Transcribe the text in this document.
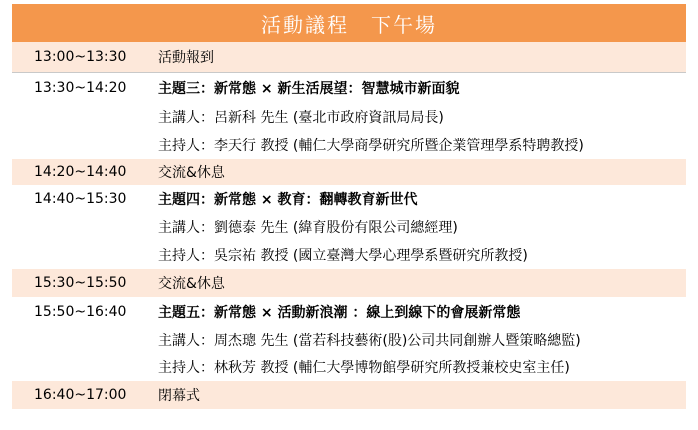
活動議程　下午場
13:00~13:30	活動報到
13:30~14:20	主題三：新常態 × 新生活展望：智慧城市新面貌
主講人：呂新科 先生 (臺北市政府資訊局局長)
主持人：李天行 教授 (輔仁大學商學研究所暨企業管理學系特聘教授)
14:20~14:40	交流&休息
14:40~15:30	主題四：新常態 × 教育：翻轉教育新世代
主講人：劉德泰 先生 (緯育股份有限公司總經理)
主持人：吳宗祐 教授 (國立臺灣大學心理學系暨研究所教授)
15:30~15:50	交流&休息
15:50~16:40	主題五：新常態 × 活動新浪潮 ：線上到線下的會展新常態
主講人：周杰璁 先生 (當若科技藝術(股)公司共同創辦人暨策略總監)
主持人：林秋芳 教授 (輔仁大學博物館學研究所教授兼校史室主任)
16:40~17:00	閉幕式
